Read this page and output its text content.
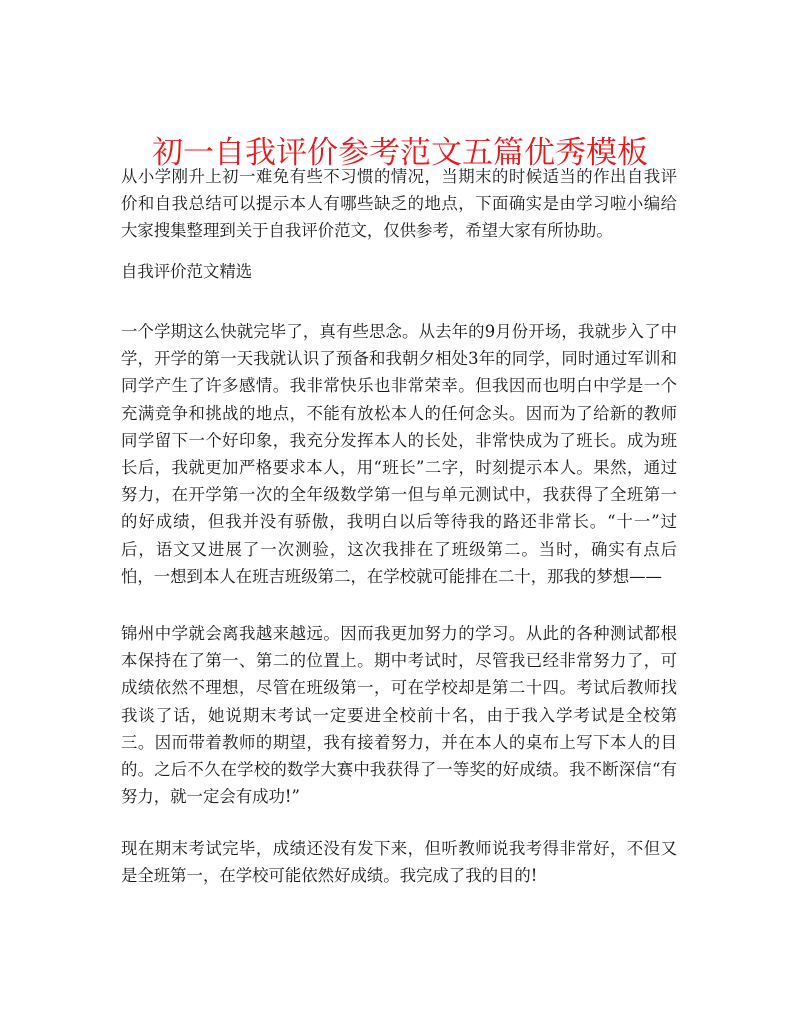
初一自我评价参考范文五篇优秀模板

从小学刚升上初一难免有些不习惯的情况，当期末的时候适当的作出自我评价和自我总结可以提示本人有哪些缺乏的地点，下面确实是由学习啦小编给大家搜集整理到关于自我评价范文，仅供参考，希望大家有所协助。

自我评价范文精选

一个学期这么快就完毕了，真有些思念。从去年的9月份开场，我就步入了中学，开学的第一天我就认识了预备和我朝夕相处3年的同学，同时通过军训和同学产生了许多感情。我非常快乐也非常荣幸。但我因而也明白中学是一个充满竞争和挑战的地点，不能有放松本人的任何念头。因而为了给新的教师同学留下一个好印象，我充分发挥本人的长处，非常快成为了班长。成为班长后，我就更加严格要求本人，用“班长”二字，时刻提示本人。果然，通过努力，在开学第一次的全年级数学第一但与单元测试中，我获得了全班第一的好成绩，但我并没有骄傲，我明白以后等待我的路还非常长。“十一”过后，语文又进展了一次测验，这次我排在了班级第二。当时，确实有点后怕，一想到本人在班吉班级第二，在学校就可能排在二十，那我的梦想——

锦州中学就会离我越来越远。因而我更加努力的学习。从此的各种测试都根本保持在了第一、第二的位置上。期中考试时，尽管我已经非常努力了，可成绩依然不理想，尽管在班级第一，可在学校却是第二十四。考试后教师找我谈了话，她说期末考试一定要进全校前十名，由于我入学考试是全校第三。因而带着教师的期望，我有接着努力，并在本人的桌布上写下本人的目的。之后不久在学校的数学大赛中我获得了一等奖的好成绩。我不断深信“有努力，就一定会有成功!”

现在期末考试完毕，成绩还没有发下来，但听教师说我考得非常好，不但又是全班第一，在学校可能依然好成绩。我完成了我的目的!
